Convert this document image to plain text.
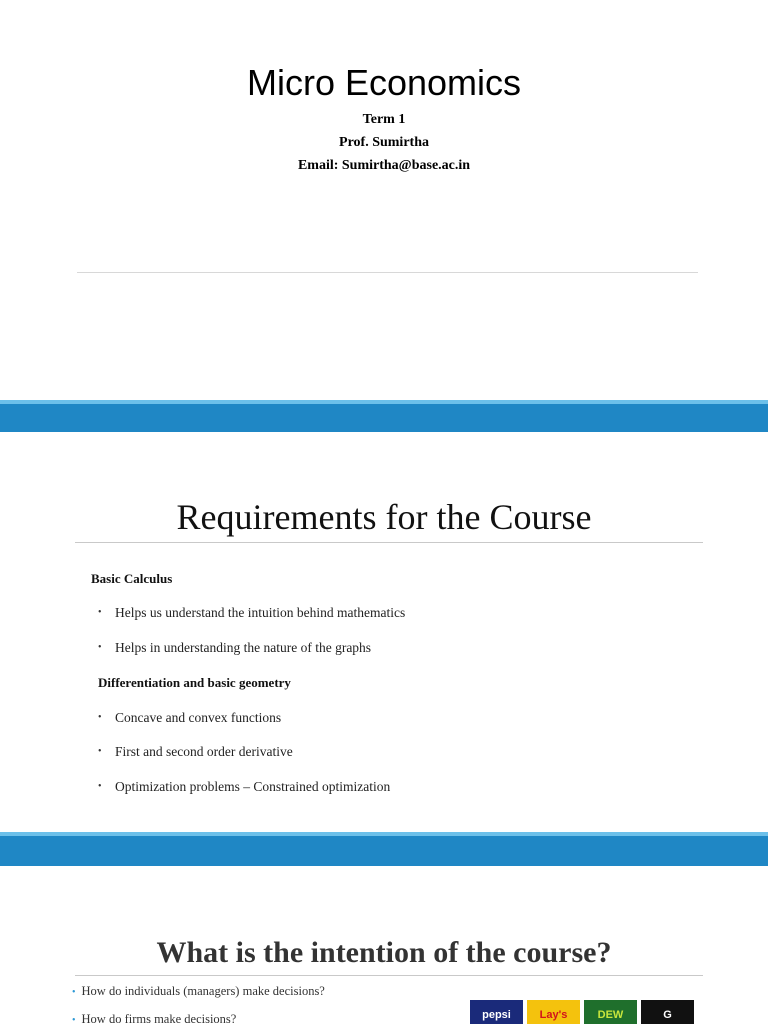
Micro Economics
Term 1
Prof. Sumirtha
Email: Sumirtha@base.ac.in
Requirements for the Course
Basic Calculus
• Helps us understand the intuition behind mathematics
• Helps in understanding the nature of the graphs
Differentiation and basic geometry
• Concave and convex functions
• First and second order derivative
• Optimization problems – Constrained optimization
What is the intention of the course?
• How do individuals (managers) make decisions?
• How do firms make decisions?	pepsi	Lay's	DEW	G
